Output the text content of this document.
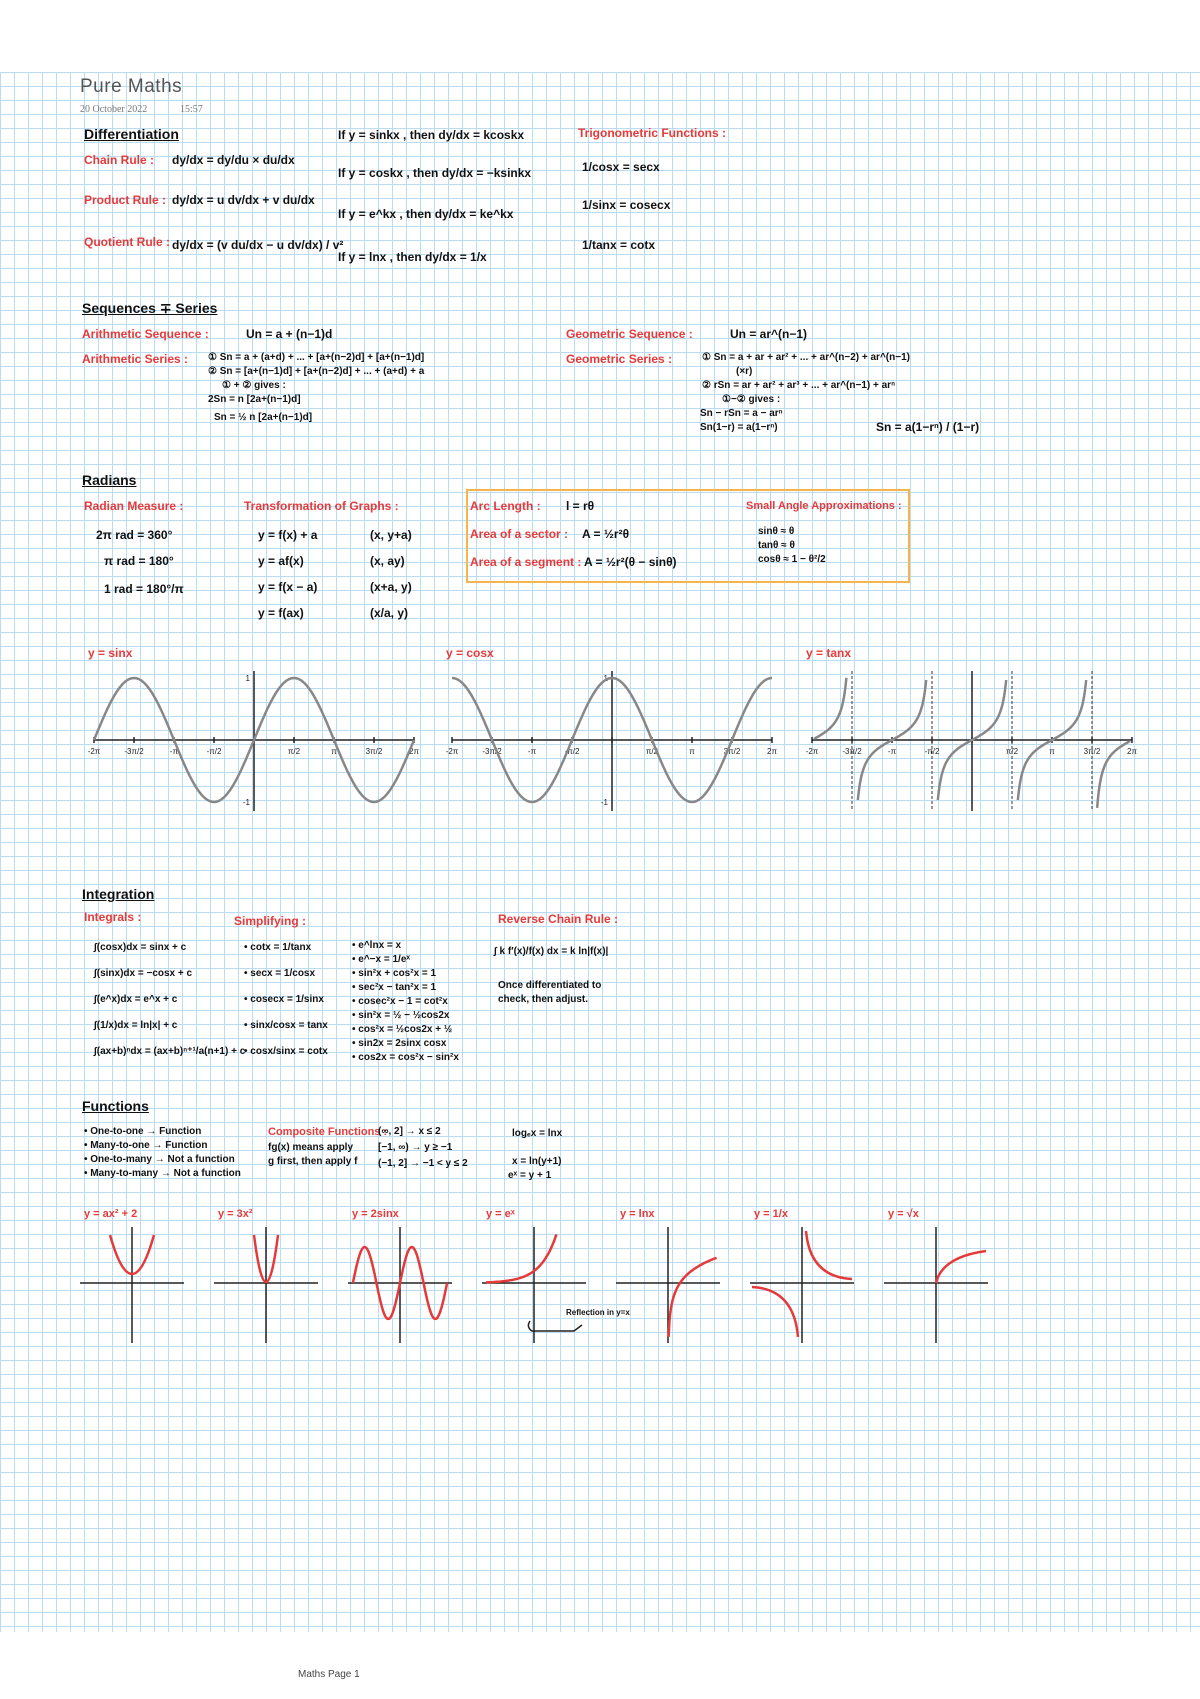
Pure Maths
20 October 2022	15:57
Differentiation
Chain Rule : dy/dx = dy/du × du/dx
Product Rule : dy/dx = u dv/dx + v du/dx
Quotient Rule : dy/dx = (v du/dx − u dv/dx) / v²
If y = sinkx , then dy/dx = kcoskx
If y = coskx , then dy/dx = −ksinkx
If y = e^kx , then dy/dx = ke^kx
If y = lnx , then dy/dx = 1/x
Trigonometric Functions :
1/cosx = secx
1/sinx = cosecx
1/tanx = cotx
Sequences ∓ Series
Arithmetic Sequence :	Un = a + (n−1)d
Arithmetic Series : ① Sn = a + (a+d) + ... + [a+(n−2)d] + [a+(n−1)d]
② Sn = [a+(n−1)d] + [a+(n−2)d] + ... + (a+d) + a
① + ② gives :
2Sn = n [2a+(n−1)d]
Sn = ½ n [2a+(n−1)d]
Geometric Sequence :	Un = ar^(n−1)
Geometric Series :	① Sn = a + ar + ar² + ... + ar^(n−2) + ar^(n−1)
(×r)
② rSn = ar + ar² + ar³ + ... + ar^(n−1) + arⁿ
①−② gives :
Sn − rSn = a − arⁿ
Sn(1−r) = a(1−rⁿ)	Sn = a(1−rⁿ) / (1−r)
Radians
Radian Measure :
2π rad = 360°
π rad = 180°
1 rad = 180°/π
Transformation of Graphs :
y = f(x) + a	(x, y+a)
y = af(x)	(x, ay)
y = f(x − a)	(x+a, y)
y = f(ax)	(x/a, y)
Arc Length : l = rθ
Area of a sector : A = ½r²θ
Area of a segment : A = ½r²(θ − sinθ)
Small Angle Approximations :
sinθ ≈ θ
tanθ ≈ θ
cosθ ≈ 1 − θ²/2
y = sinx	y = cosx	y = tanx
-2π	-3π/2	-π	-π/2	π/2	π	3π/2	2π
1
-1
-2π	-3π/2	-π	-π/2	π/2	π	3π/2	2π
1
-1
-2π	-3π/2	-π	-π/2	π/2	π	3π/2	2π
Integration
Integrals :
∫(cosx)dx = sinx + c
∫(sinx)dx = −cosx + c
∫(e^x)dx = e^x + c
∫(1/x)dx = ln|x| + c
∫(ax+b)ⁿdx = (ax+b)ⁿ⁺¹/a(n+1) + c
Simplifying :
• cotx = 1/tanx
• secx = 1/cosx
• cosecx = 1/sinx
• sinx/cosx = tanx
• cosx/sinx = cotx
• e^lnx = x
• e^−x = 1/eˣ
• sin²x + cos²x = 1
• sec²x − tan²x = 1
• cosec²x − 1 = cot²x
• sin²x = ½ − ½cos2x
• cos²x = ½cos2x + ½
• sin2x = 2sinx cosx
• cos2x = cos²x − sin²x
Reverse Chain Rule :
∫ k f′(x)/f(x) dx = k ln|f(x)|
Once differentiated to
check, then adjust.
Functions
• One-to-one → Function
• Many-to-one → Function
• One-to-many → Not a function
• Many-to-many → Not a function
Composite Functions :
fg(x) means apply
g first, then apply f
(∞, 2] → x ≤ 2
[−1, ∞) → y ≥ −1
(−1, 2] → −1 < y ≤ 2
logₑx = lnx
x = ln(y+1)
eˣ = y + 1
y = ax² + 2	y = 3x²	y = 2sinx	y = eˣ	y = lnx	y = 1/x	y = √x
Reflection in y=x
Maths Page 1
